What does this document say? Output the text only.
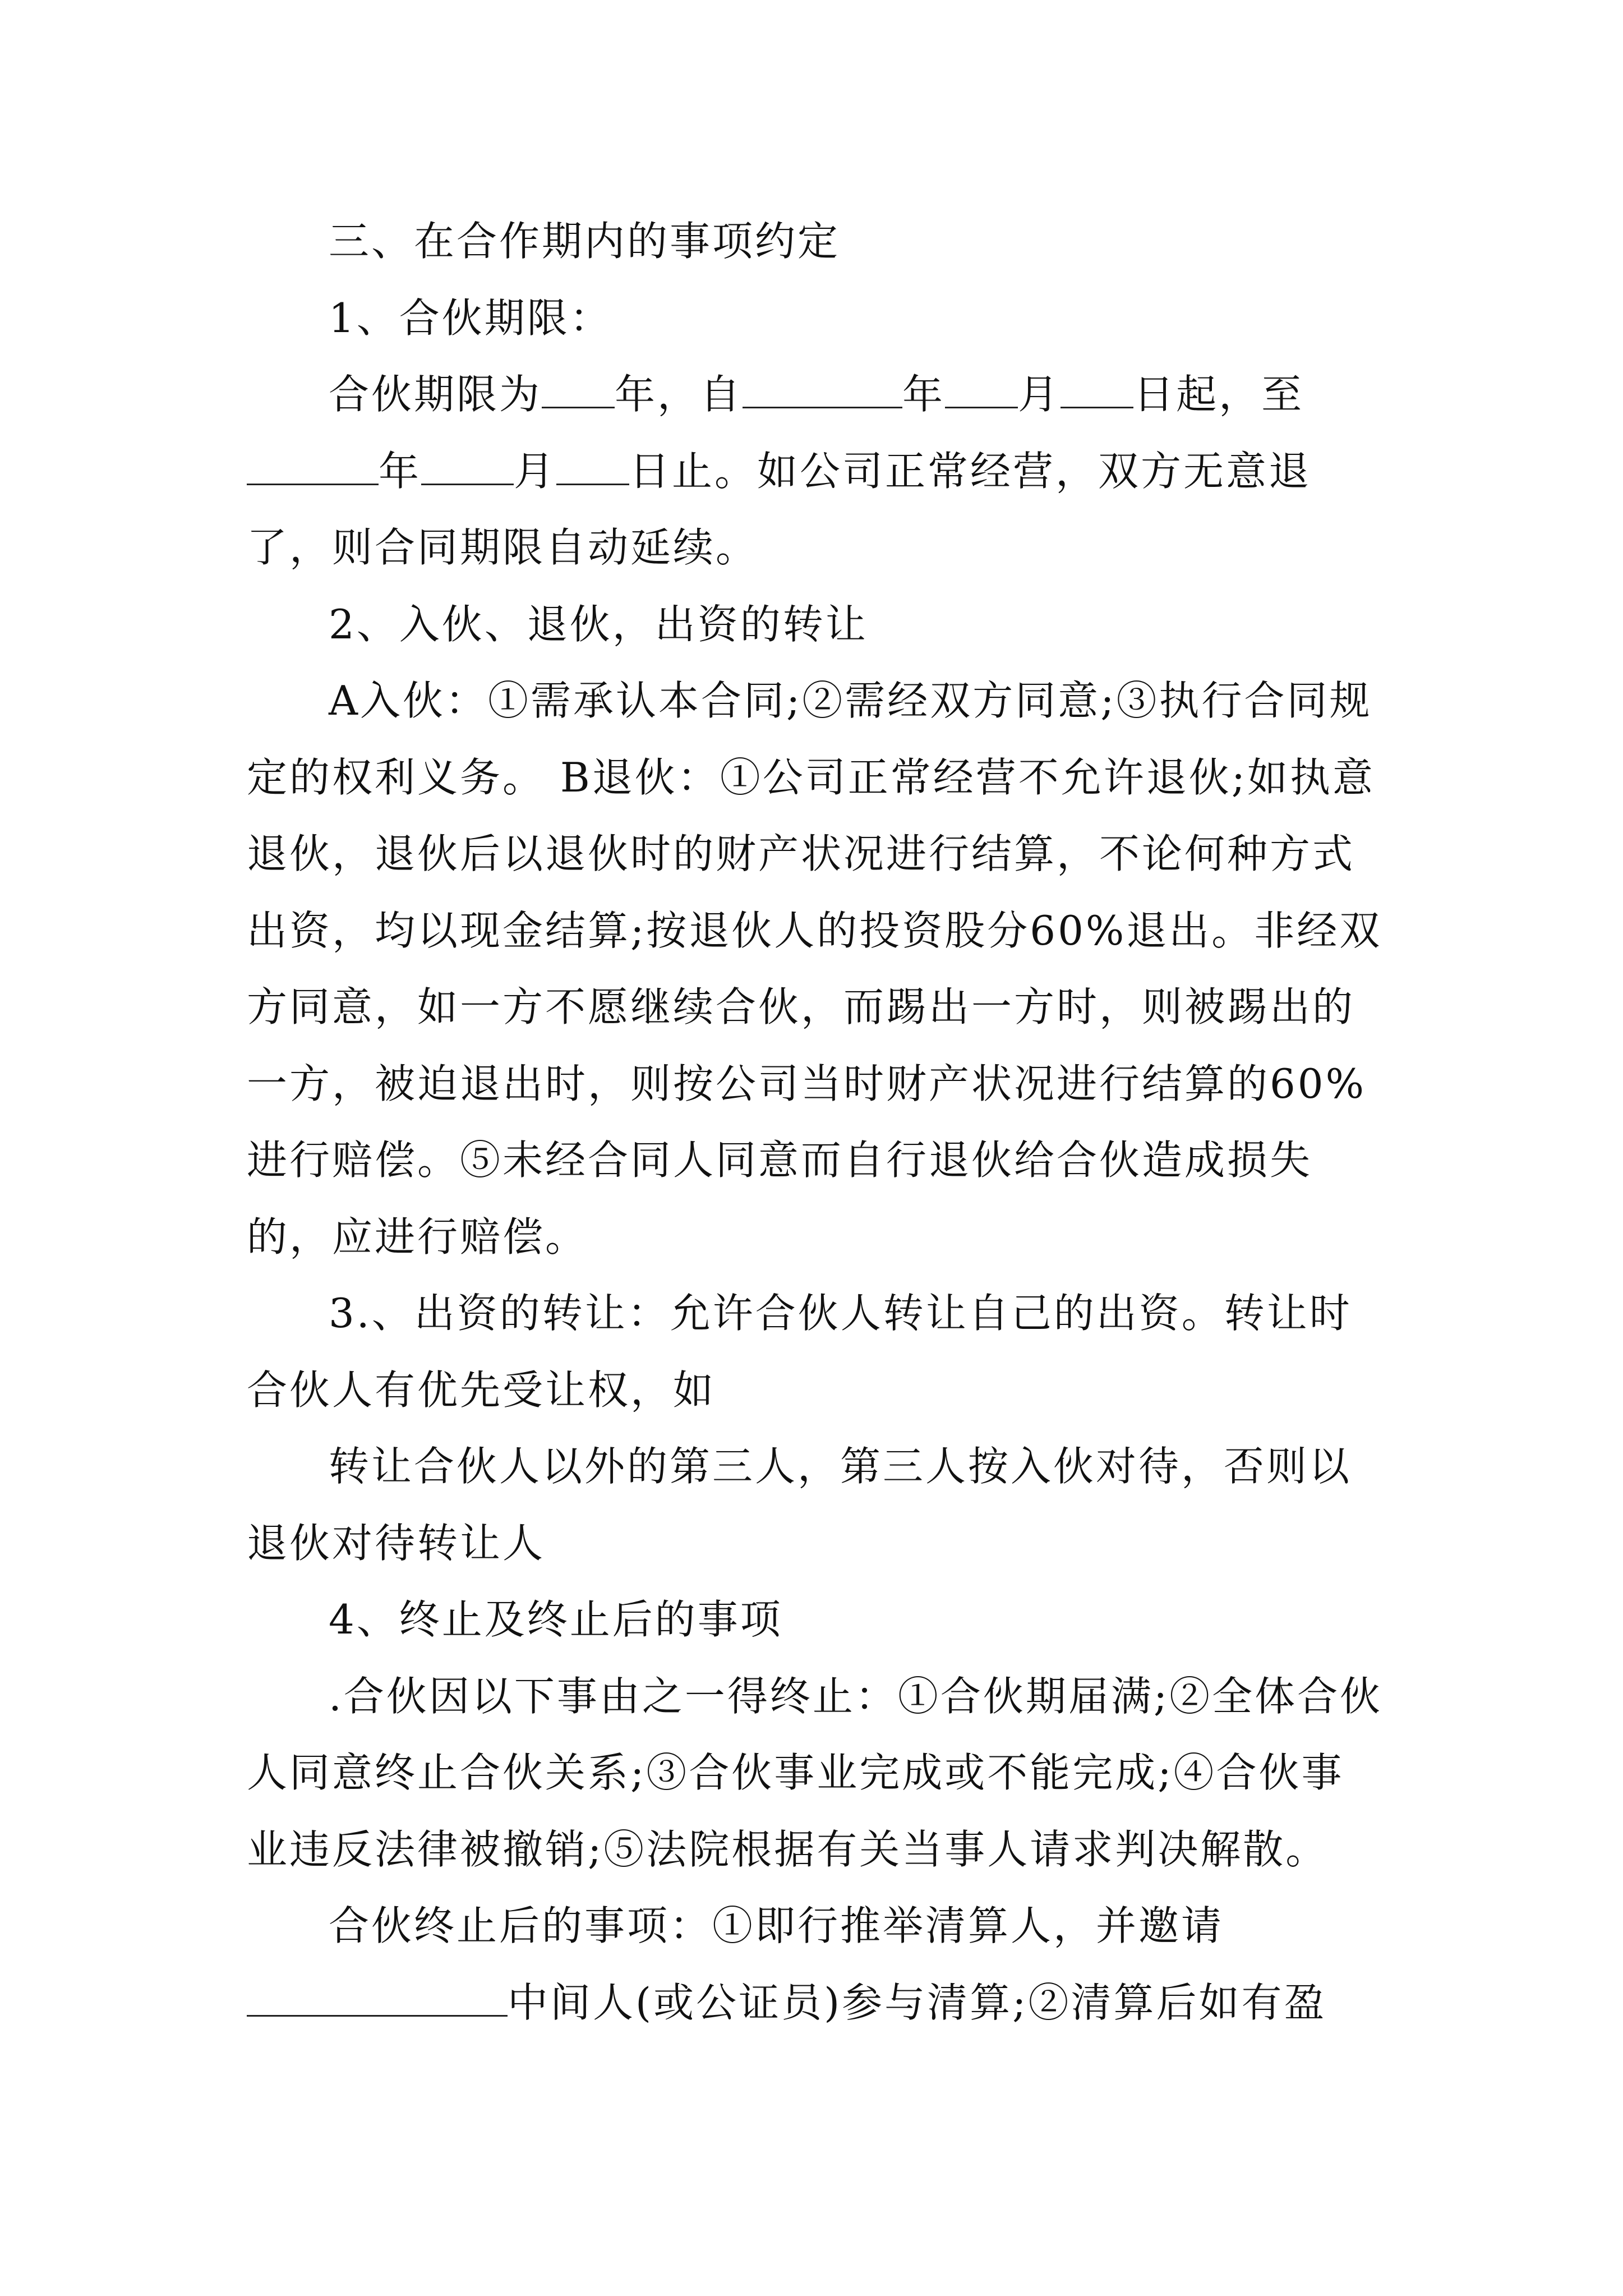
三、在合作期内的事项约定

1、合伙期限：

合伙期限为 年，自	年 月 日起，至年 月 日止。如公司正常经营，双方无意退了，则合同期限自动延续。

2、入伙、退伙，出资的转让

A入伙：①需承认本合同;②需经双方同意;③执行合同规定的权利义务。 B退伙：①公司正常经营不允许退伙;如执意退伙，退伙后以退伙时的财产状况进行结算，不论何种方式出资，均以现金结算;按退伙人的投资股分60%退出。非经双方同意，如一方不愿继续合伙，而踢出一方时，则被踢出的一方，被迫退出时，则按公司当时财产状况进行结算的60%进行赔偿。⑤未经合同人同意而自行退伙给合伙造成损失的，应进行赔偿。

3.、出资的转让：允许合伙人转让自己的出资。转让时合伙人有优先受让权，如

转让合伙人以外的第三人，第三人按入伙对待，否则以退伙对待转让人

4、终止及终止后的事项

.合伙因以下事由之一得终止：①合伙期届满;②全体合伙人同意终止合伙关系;③合伙事业完成或不能完成;④合伙事业违反法律被撤销;⑤法院根据有关当事人请求判决解散。

合伙终止后的事项：①即行推举清算人，并邀请中间人(或公证员)参与清算;②清算后如有盈
